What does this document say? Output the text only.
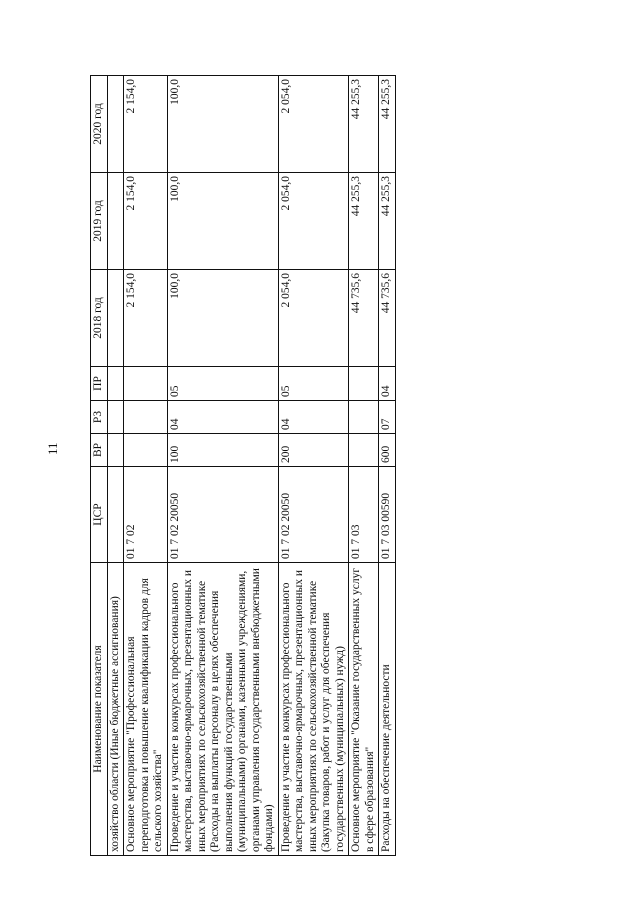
11
Наименование показателя	ЦСР	ВР	РЗ	ПР	2018 год	2019 год	2020 год
хозяйство области (Иные бюджетные ассигнования)							
Основное мероприятие "Профессиональная переподготовка и повышение квалификации кадров для сельского хозяйства"	01 7 02				2 154,0	2 154,0	2 154,0
Проведение и участие в конкурсах профессионального мастерства, выставочно-ярмарочных, презентационных и иных мероприятиях по сельскохозяйственной тематике (Расходы на выплаты персоналу в целях обеспечения выполнения функций государственными (муниципальными) органами, казенными учреждениями, органами управления государственными внебюджетными фондами)	01 7 02 20050	100	04	05	100,0	100,0	100,0
Проведение и участие в конкурсах профессионального мастерства, выставочно-ярмарочных, презентационных и иных мероприятиях по сельскохозяйственной тематике (Закупка товаров, работ и услуг для обеспечения государственных (муниципальных) нужд)	01 7 02 20050	200	04	05	2 054,0	2 054,0	2 054,0
Основное мероприятие "Оказание государственных услуг в сфере образования"	01 7 03				44 735,6	44 255,3	44 255,3
Расходы на обеспечение деятельности	01 7 03 00590	600	07	04	44 735,6	44 255,3	44 255,3
